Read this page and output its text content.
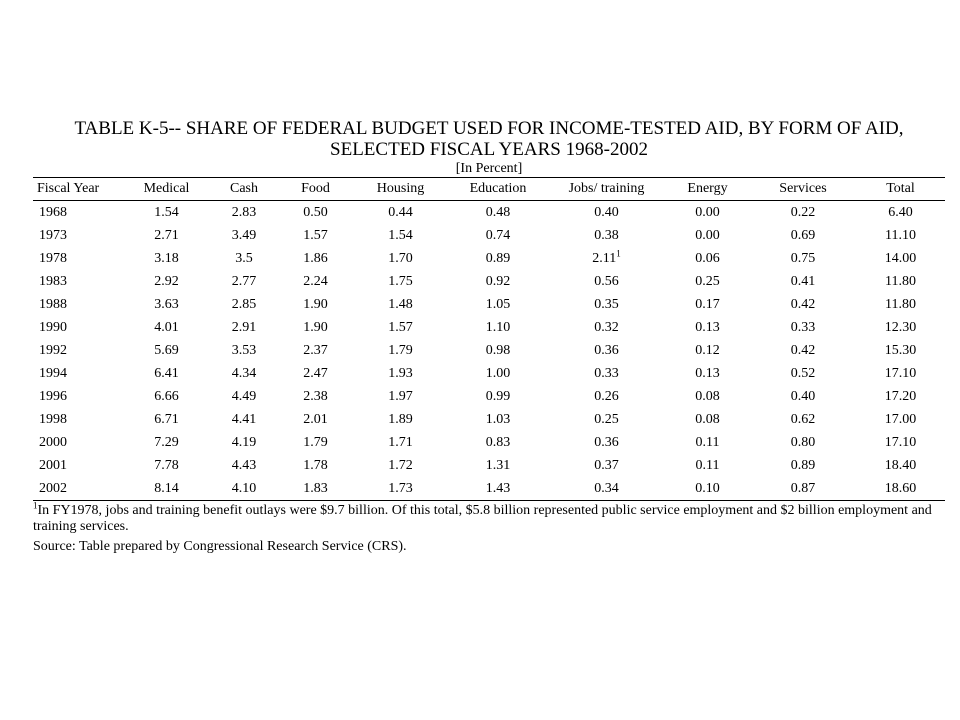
TABLE K-5-- SHARE OF FEDERAL BUDGET USED FOR INCOME-TESTED AID, BY FORM OF AID,

SELECTED FISCAL YEARS 1968-2002

[In Percent]

Fiscal Year	Medical	Cash	Food	Housing	Education	Jobs/ training	Energy	Services	Total
1968	1.54	2.83	0.50	0.44	0.48	0.40	0.00	0.22	6.40
1973	2.71	3.49	1.57	1.54	0.74	0.38	0.00	0.69	11.10
1978	3.18	3.5	1.86	1.70	0.89	2.11$^1$	0.06	0.75	14.00
1983	2.92	2.77	2.24	1.75	0.92	0.56	0.25	0.41	11.80
1988	3.63	2.85	1.90	1.48	1.05	0.35	0.17	0.42	11.80
1990	4.01	2.91	1.90	1.57	1.10	0.32	0.13	0.33	12.30
1992	5.69	3.53	2.37	1.79	0.98	0.36	0.12	0.42	15.30
1994	6.41	4.34	2.47	1.93	1.00	0.33	0.13	0.52	17.10
1996	6.66	4.49	2.38	1.97	0.99	0.26	0.08	0.40	17.20
1998	6.71	4.41	2.01	1.89	1.03	0.25	0.08	0.62	17.00
2000	7.29	4.19	1.79	1.71	0.83	0.36	0.11	0.80	17.10
2001	7.78	4.43	1.78	1.72	1.31	0.37	0.11	0.89	18.40
2002	8.14	4.10	1.83	1.73	1.43	0.34	0.10	0.87	18.60

$^1$In FY1978, jobs and training benefit outlays were $9.7 billion. Of this total, $5.8 billion represented public service employment and $2 billion employment and training services.

Source: Table prepared by Congressional Research Service (CRS).
